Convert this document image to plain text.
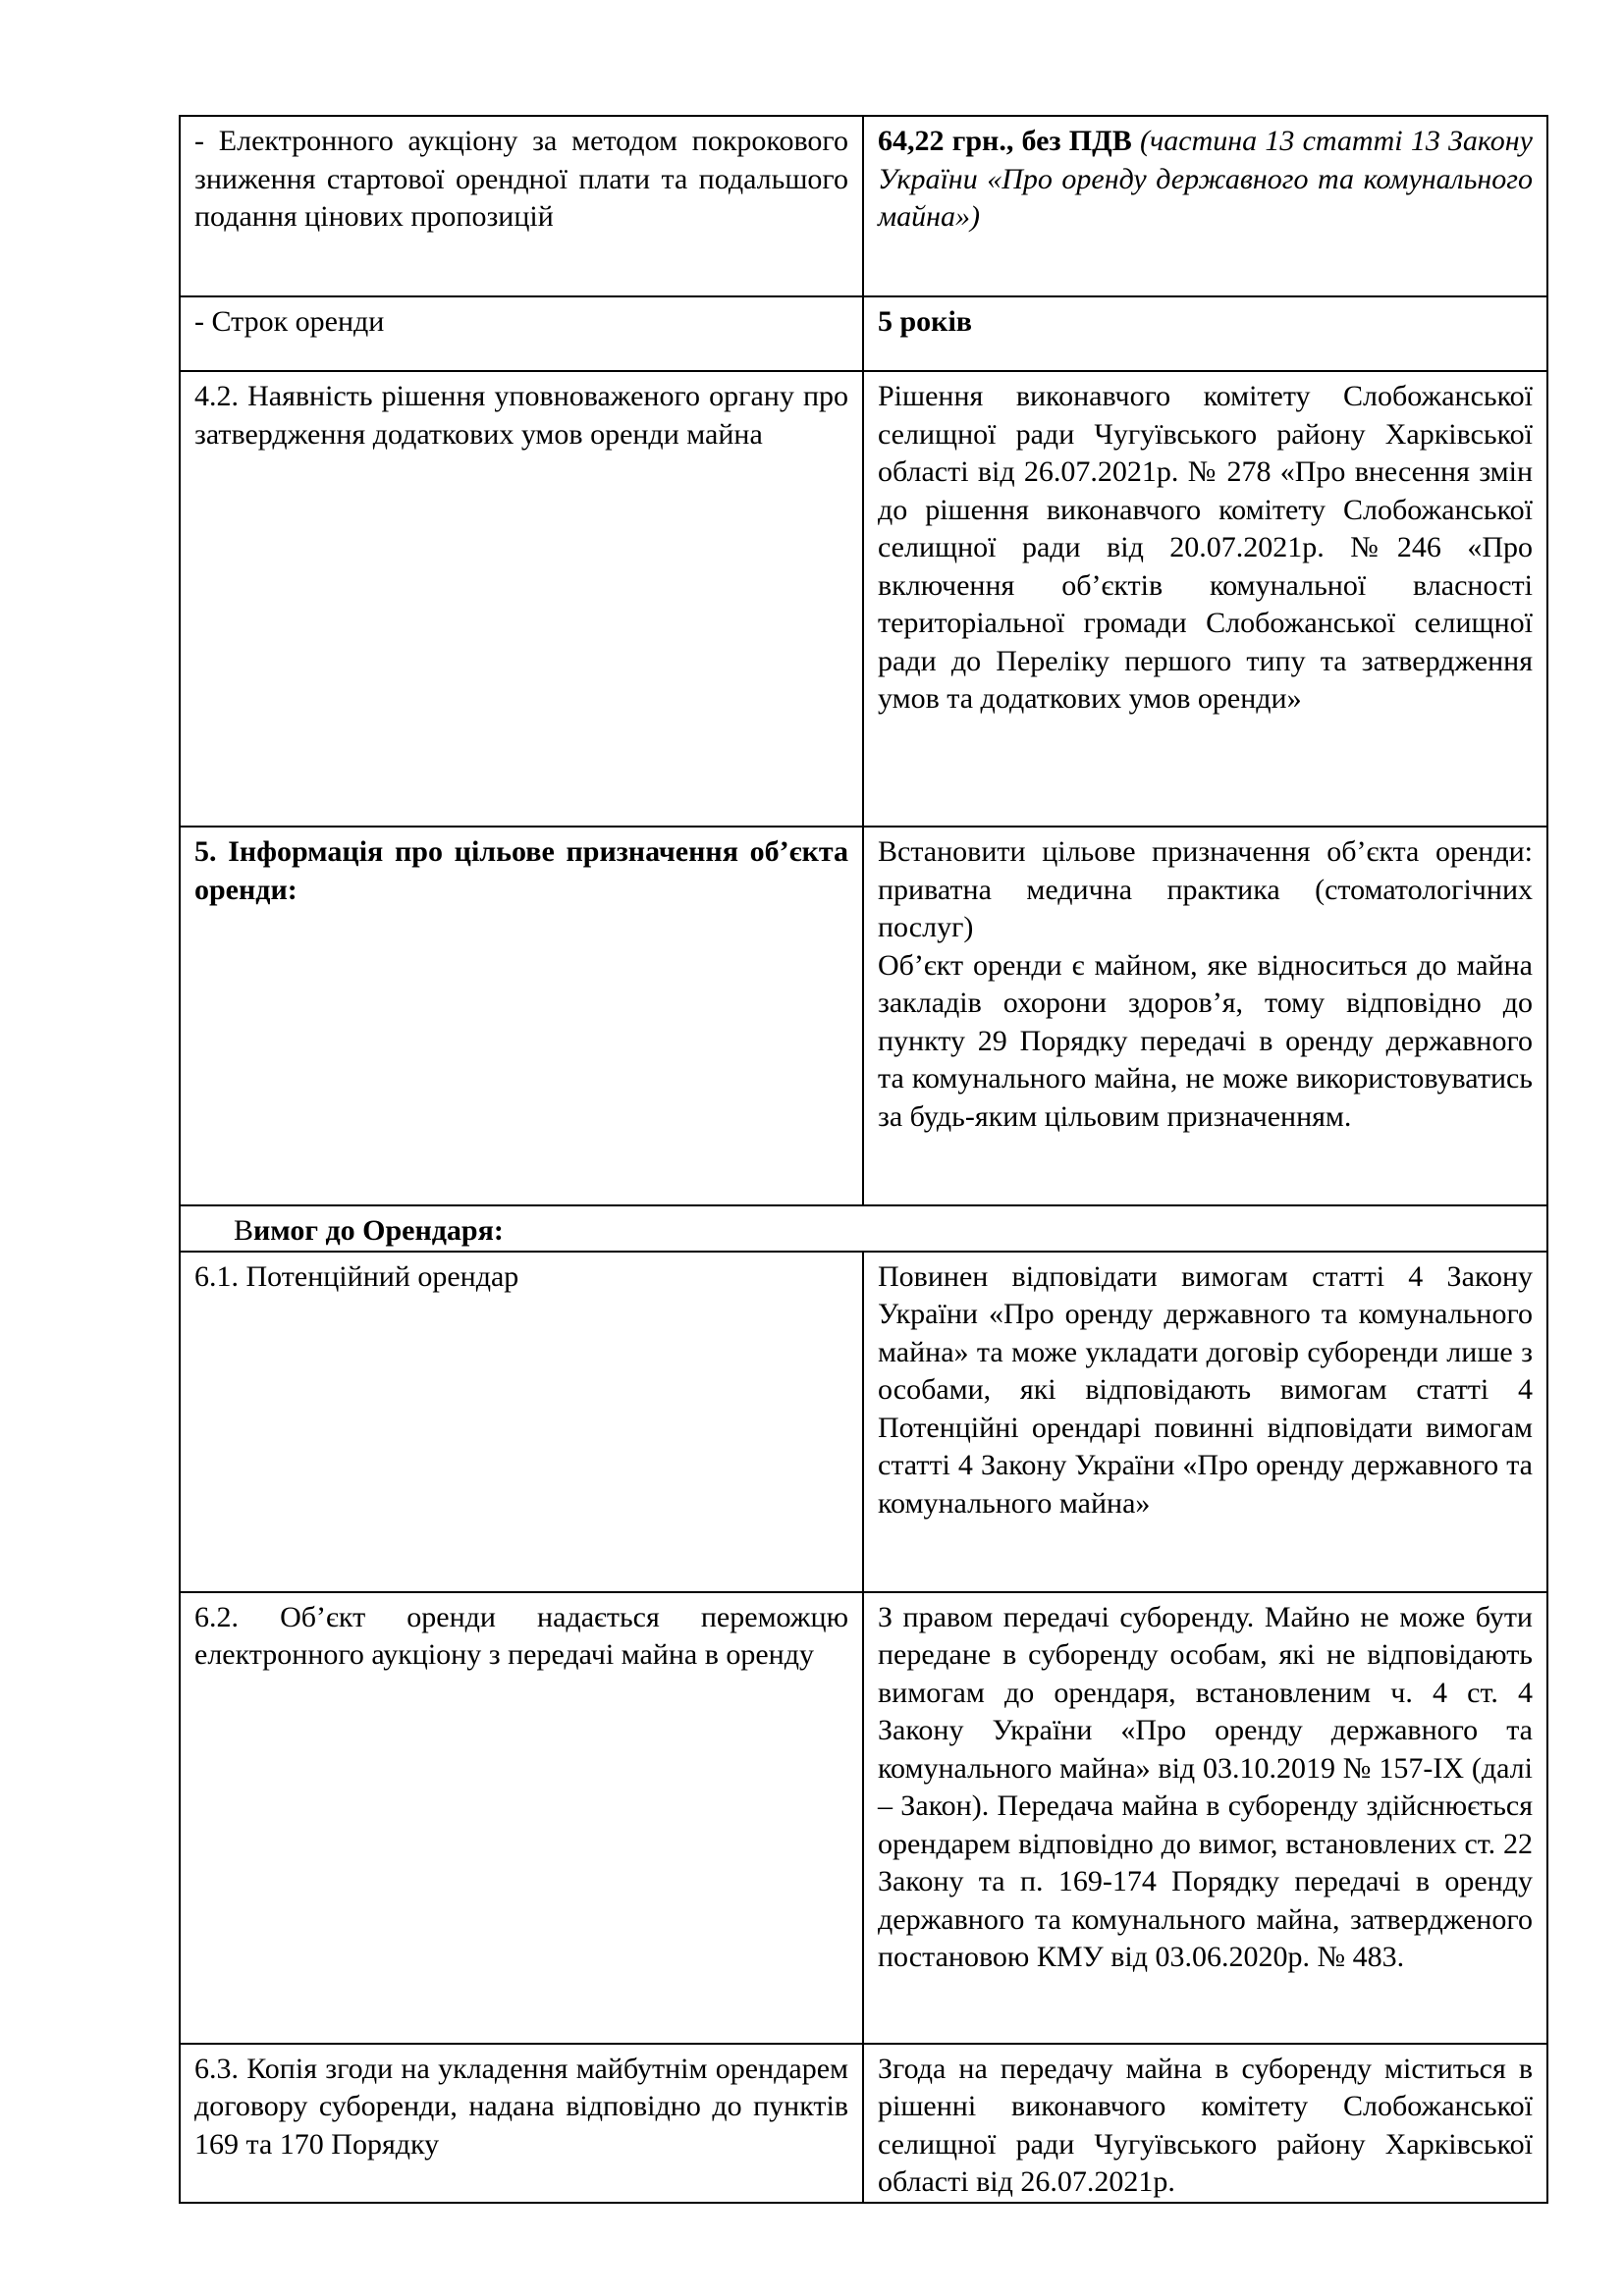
- Електронного аукціону за методом покрокового зниження стартової орендної плати та подальшого подання цінових пропозицій	64,22 грн., без ПДВ (частина 13 статті 13 Закону України «Про оренду державного та комунального майна»)
- Строк оренди	5 років
4.2. Наявність рішення уповноваженого органу про затвердження додаткових умов оренди майна	Рішення виконавчого комітету Слобожанської селищної ради Чугуївського району Харківської області від 26.07.2021р. № 278 «Про внесення змін до рішення виконавчого комітету Слобожанської селищної ради від 20.07.2021р. №246 «Про включення об’єктів комунальної власності територіальної громади Слобожанської селищної ради до Переліку першого типу та затвердження умов та додаткових умов оренди»
5. Інформація про цільове призначення об’єкта оренди:	Встановити цільове призначення об’єкта оренди: приватна медична практика (стоматологічних послуг)

Об’єкт оренди є майном, яке відноситься до майна закладів охорони здоров’я, тому відповідно до пункту 29 Порядку передачі в оренду державного та комунального майна, не може використовуватись за будь-яким цільовим призначенням.

Вимог до Орендаря:	
6.1. Потенційний орендар	Повинен відповідати вимогам статті 4 Закону України «Про оренду державного та комунального майна» та може укладати договір суборенди лише з особами, які відповідають вимогам статті 4 Потенційні орендарі повинні відповідати вимогам статті 4 Закону України «Про оренду державного та комунального майна»
6.2. Об’єкт оренди надається переможцю електронного аукціону з передачі майна в оренду	З правом передачі суборенду. Майно не може бути передане в суборенду особам, які не відповідають вимогам до орендаря, встановленим ч. 4 ст. 4 Закону України «Про оренду державного та комунального майна» від 03.10.2019 № 157-IX (далі – Закон). Передача майна в суборенду здійснюється орендарем відповідно до вимог, встановлених ст. 22 Закону та п. 169-174 Порядку передачі в оренду державного та комунального майна, затвердженого постановою КМУ від 03.06.2020р. № 483.
6.3. Копія згоди на укладення майбутнім орендарем договору суборенди, надана відповідно до пунктів 169 та 170 Порядку	Згода на передачу майна в суборенду міститься в рішенні виконавчого комітету Слобожанської селищної ради Чугуївського району Харківської області від 26.07.2021р.
